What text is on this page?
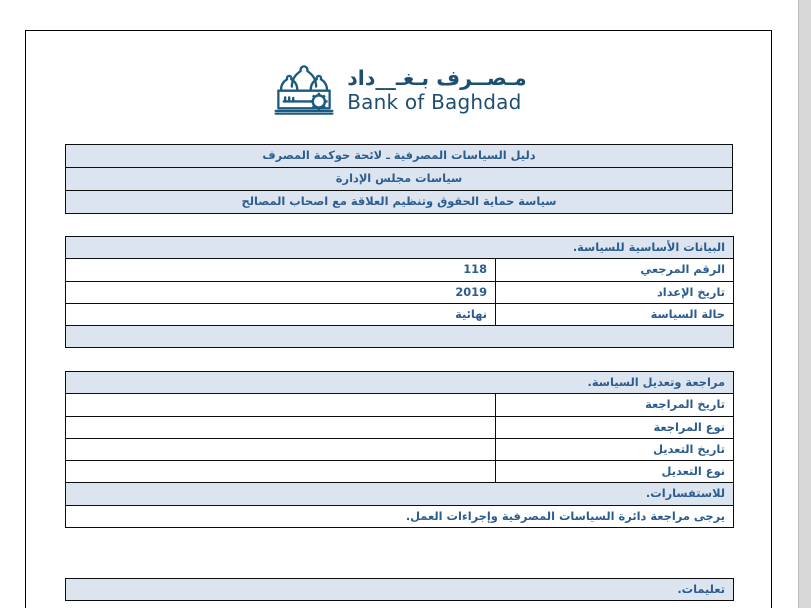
مـصــرف بـغـ__داد
Bank of Baghdad
دليل السياسات المصرفية ـ لائحة حوكمة المصرف
سياسات مجلس الإدارة
سياسة حماية الحقوق وتنظيم العلاقة مع اصحاب المصالح
البيانات الأساسية للسياسة.	
الرقم المرجعي	118
تاريخ الإعداد	2019
حالة السياسة	نهائية

مراجعة وتعديل السياسة.	
تاريخ المراجعة	
نوع المراجعة	
تاريخ التعديل	
نوع التعديل	
للاستفسارات.	
يرجى مراجعة دائرة السياسات المصرفية وإجراءات العمل.	
تعليمات.
